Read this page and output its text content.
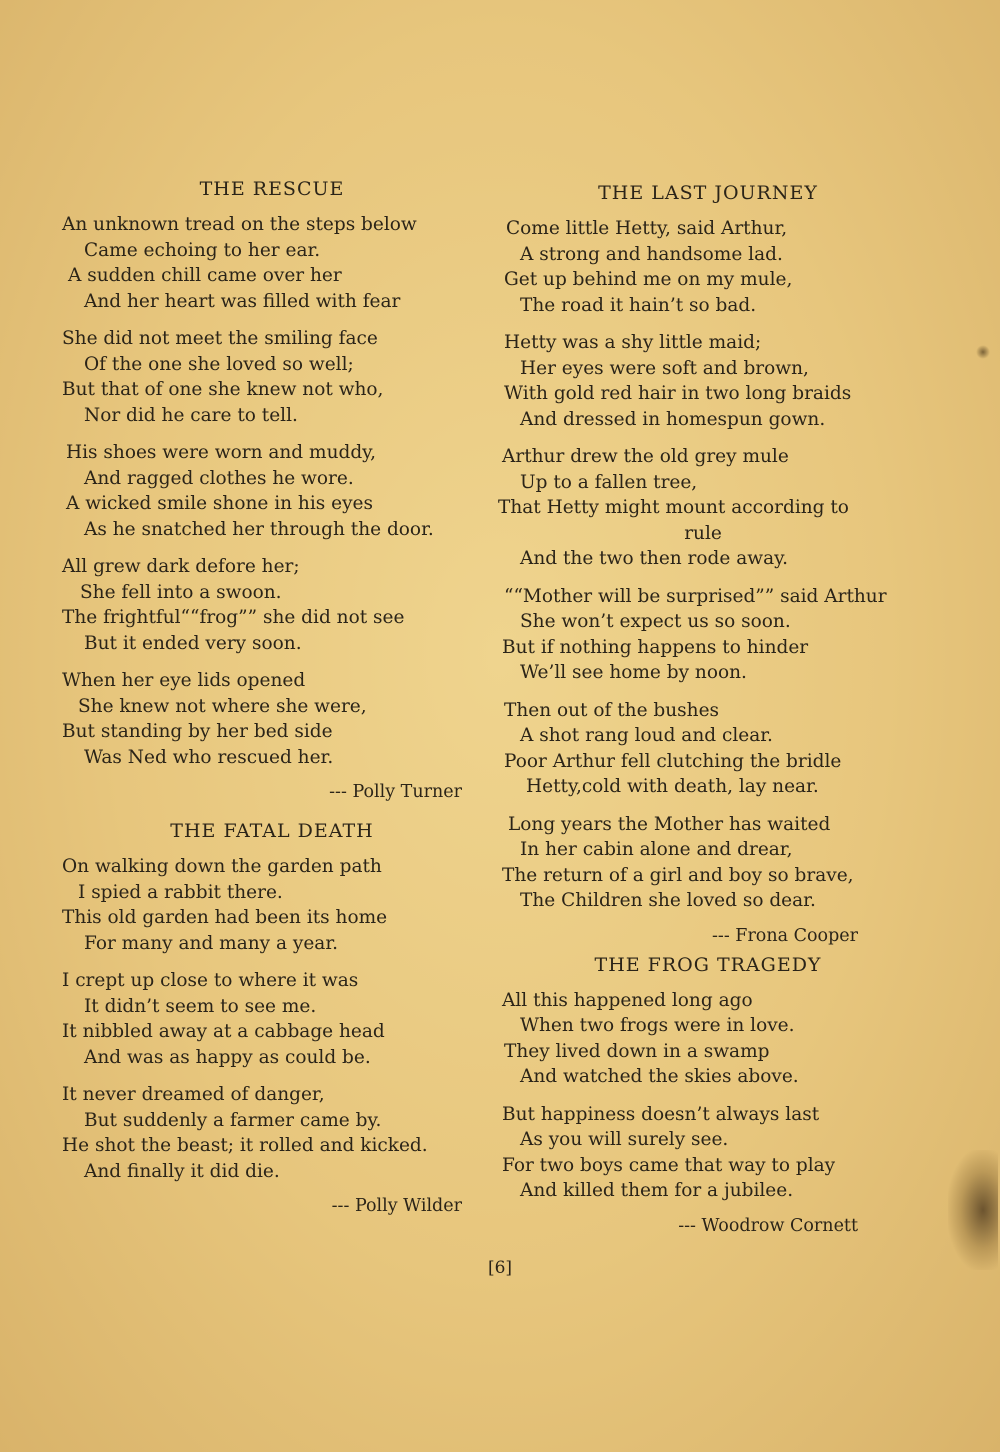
THE RESCUE
An unknown tread on the steps below
Came echoing to her ear.
A sudden chill came over her
And her heart was filled with fear
She did not meet the smiling face
Of the one she loved so well;
But that of one she knew not who,
Nor did he care to tell.
His shoes were worn and muddy,
And ragged clothes he wore.
A wicked smile shone in his eyes
As he snatched her through the door.
All grew dark defore her;
She fell into a swoon.
The frightful““frog”” she did not see
But it ended very soon.
When her eye lids opened
She knew not where she were,
But standing by her bed side
Was Ned who rescued her.
--- Polly Turner
THE FATAL DEATH
On walking down the garden path
I spied a rabbit there.
This old garden had been its home
For many and many a year.
I crept up close to where it was
It didn’t seem to see me.
It nibbled away at a cabbage head
And was as happy as could be.
It never dreamed of danger,
But suddenly a farmer came by.
He shot the beast; it rolled and kicked.
And finally it did die.
--- Polly Wilder
THE LAST JOURNEY
Come little Hetty, said Arthur,
A strong and handsome lad.
Get up behind me on my mule,
The road it hain’t so bad.
Hetty was a shy little maid;
Her eyes were soft and brown,
With gold red hair in two long braids
And dressed in homespun gown.
Arthur drew the old grey mule
Up to a fallen tree,
That Hetty might mount according to
rule
And the two then rode away.
““Mother will be surprised”” said Arthur
She won’t expect us so soon.
But if nothing happens to hinder
We’ll see home by noon.
Then out of the bushes
A shot rang loud and clear.
Poor Arthur fell clutching the bridle
Hetty,cold with death, lay near.
Long years the Mother has waited
In her cabin alone and drear,
The return of a girl and boy so brave,
The Children she loved so dear.
--- Frona Cooper
THE FROG TRAGEDY
All this happened long ago
When two frogs were in love.
They lived down in a swamp
And watched the skies above.
But happiness doesn’t always last
As you will surely see.
For two boys came that way to play
And killed them for a jubilee.
--- Woodrow Cornett
[6]
